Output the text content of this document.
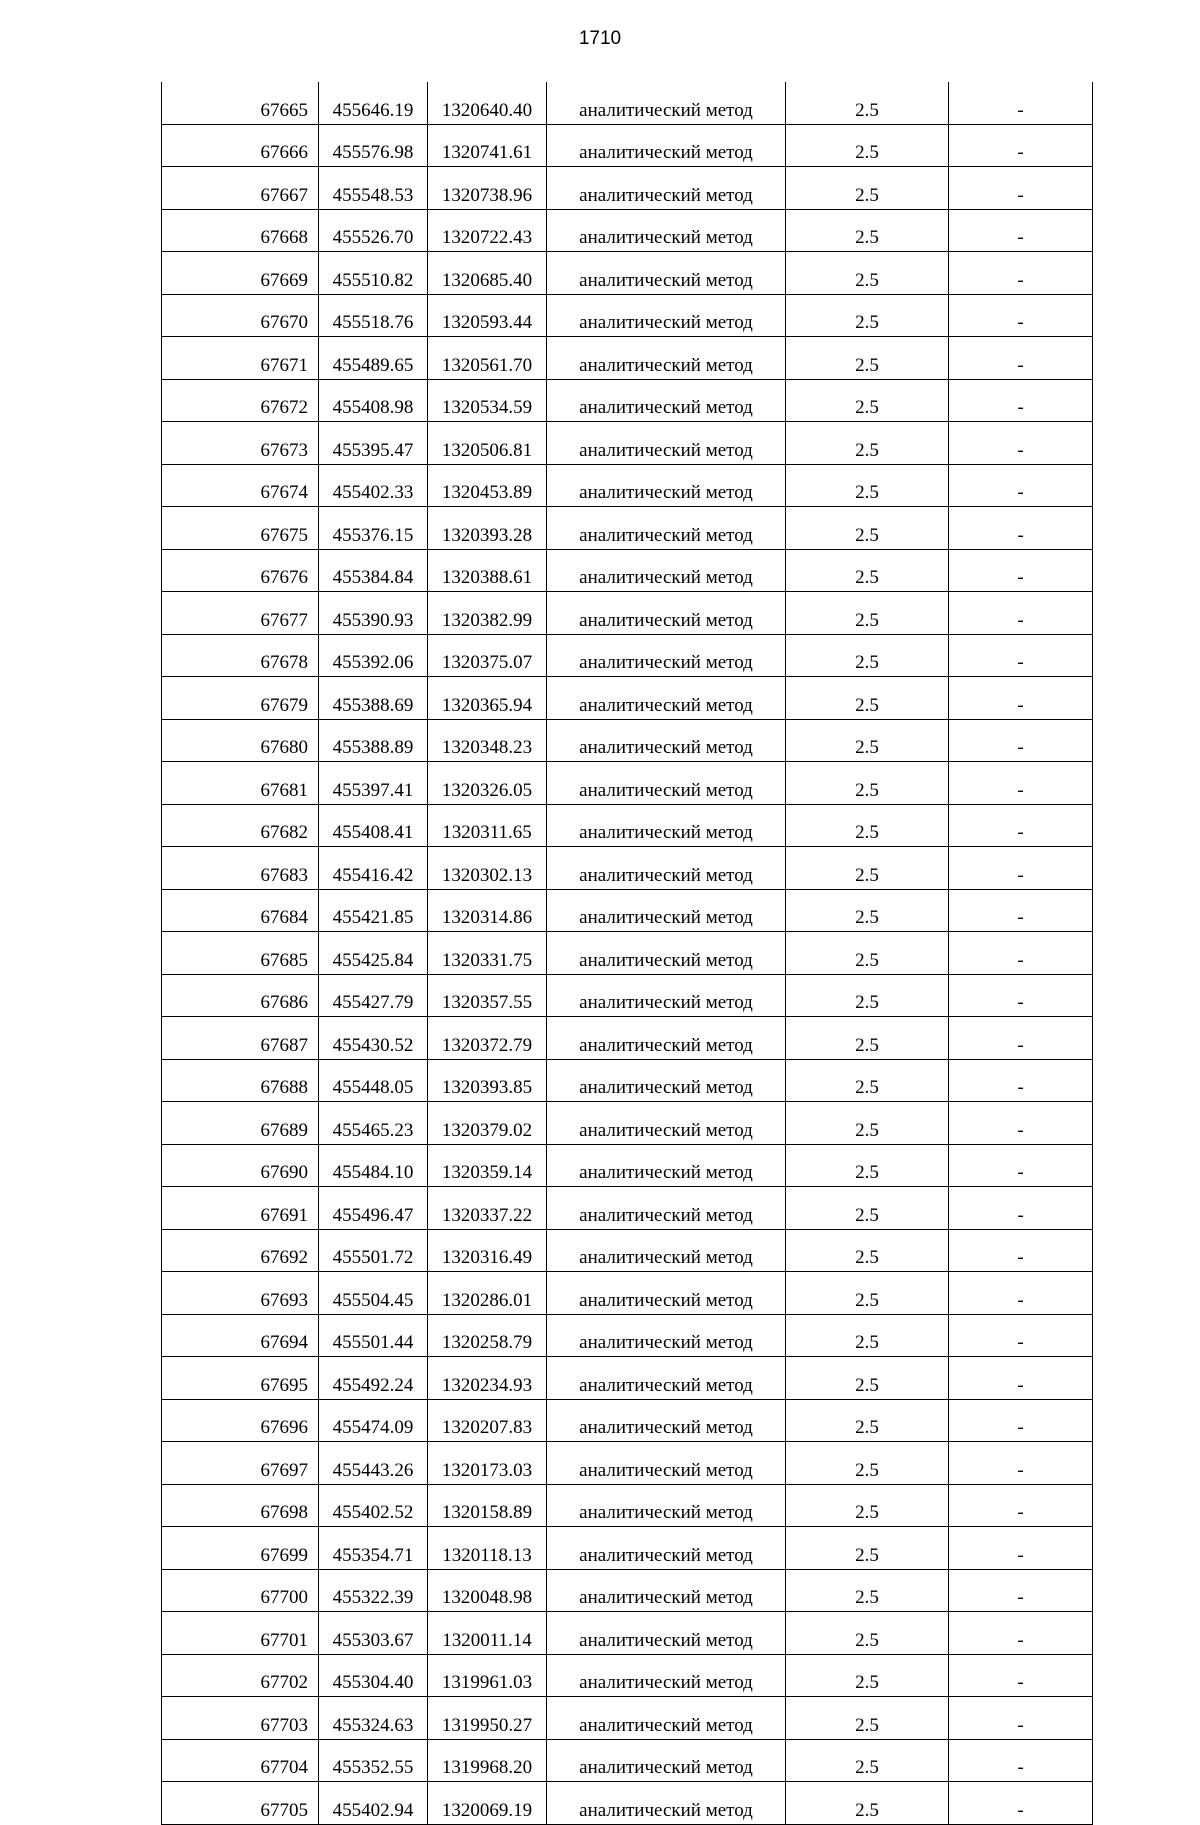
1710
67665	455646.19	1320640.40	аналитический метод	2.5	-
67666	455576.98	1320741.61	аналитический метод	2.5	-
67667	455548.53	1320738.96	аналитический метод	2.5	-
67668	455526.70	1320722.43	аналитический метод	2.5	-
67669	455510.82	1320685.40	аналитический метод	2.5	-
67670	455518.76	1320593.44	аналитический метод	2.5	-
67671	455489.65	1320561.70	аналитический метод	2.5	-
67672	455408.98	1320534.59	аналитический метод	2.5	-
67673	455395.47	1320506.81	аналитический метод	2.5	-
67674	455402.33	1320453.89	аналитический метод	2.5	-
67675	455376.15	1320393.28	аналитический метод	2.5	-
67676	455384.84	1320388.61	аналитический метод	2.5	-
67677	455390.93	1320382.99	аналитический метод	2.5	-
67678	455392.06	1320375.07	аналитический метод	2.5	-
67679	455388.69	1320365.94	аналитический метод	2.5	-
67680	455388.89	1320348.23	аналитический метод	2.5	-
67681	455397.41	1320326.05	аналитический метод	2.5	-
67682	455408.41	1320311.65	аналитический метод	2.5	-
67683	455416.42	1320302.13	аналитический метод	2.5	-
67684	455421.85	1320314.86	аналитический метод	2.5	-
67685	455425.84	1320331.75	аналитический метод	2.5	-
67686	455427.79	1320357.55	аналитический метод	2.5	-
67687	455430.52	1320372.79	аналитический метод	2.5	-
67688	455448.05	1320393.85	аналитический метод	2.5	-
67689	455465.23	1320379.02	аналитический метод	2.5	-
67690	455484.10	1320359.14	аналитический метод	2.5	-
67691	455496.47	1320337.22	аналитический метод	2.5	-
67692	455501.72	1320316.49	аналитический метод	2.5	-
67693	455504.45	1320286.01	аналитический метод	2.5	-
67694	455501.44	1320258.79	аналитический метод	2.5	-
67695	455492.24	1320234.93	аналитический метод	2.5	-
67696	455474.09	1320207.83	аналитический метод	2.5	-
67697	455443.26	1320173.03	аналитический метод	2.5	-
67698	455402.52	1320158.89	аналитический метод	2.5	-
67699	455354.71	1320118.13	аналитический метод	2.5	-
67700	455322.39	1320048.98	аналитический метод	2.5	-
67701	455303.67	1320011.14	аналитический метод	2.5	-
67702	455304.40	1319961.03	аналитический метод	2.5	-
67703	455324.63	1319950.27	аналитический метод	2.5	-
67704	455352.55	1319968.20	аналитический метод	2.5	-
67705	455402.94	1320069.19	аналитический метод	2.5	-
